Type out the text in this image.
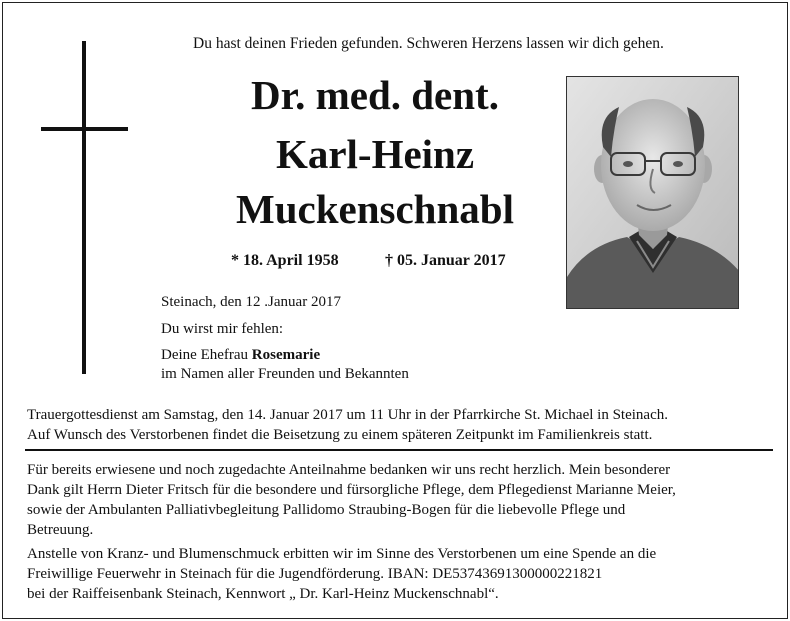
Du hast deinen Frieden gefunden. Schweren Herzens lassen wir dich gehen.
Dr. med. dent.
Karl-Heinz
Muckenschnabl
* 18. April 1958	† 05. Januar 2017
Steinach, den 12 .Januar 2017
Du wirst mir fehlen:
Deine Ehefrau Rosemarie
im Namen aller Freunden und Bekannten
Trauergottesdienst am Samstag, den 14. Januar 2017 um 11 Uhr in der Pfarrkirche St. Michael in Steinach.
Auf Wunsch des Verstorbenen findet die Beisetzung zu einem späteren Zeitpunkt im Familienkreis statt.
Für bereits erwiesene und noch zugedachte Anteilnahme bedanken wir uns recht herzlich. Mein besonderer
Dank gilt Herrn Dieter Fritsch für die besondere und fürsorgliche Pflege, dem Pflegedienst Marianne Meier,
sowie der Ambulanten Palliativbegleitung Pallidomo Straubing-Bogen für die liebevolle Pflege und
Betreuung.
Anstelle von Kranz- und Blumenschmuck erbitten wir im Sinne des Verstorbenen um eine Spende an die
Freiwillige Feuerwehr in Steinach für die Jugendförderung. IBAN: DE53743691300000221821
bei der Raiffeisenbank Steinach, Kennwort „ Dr. Karl-Heinz Muckenschnabl“.
